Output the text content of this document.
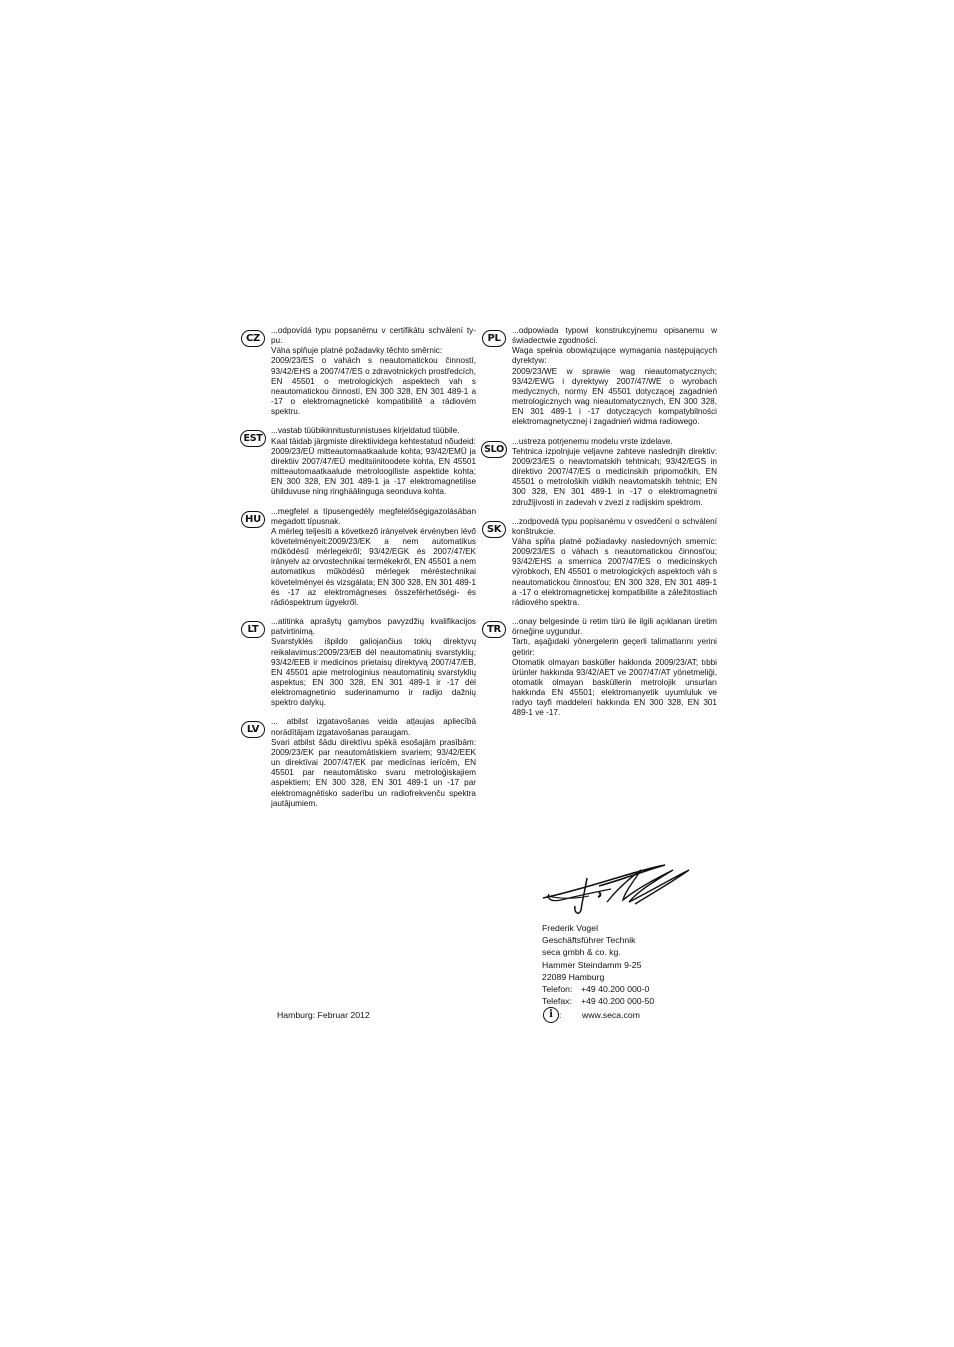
CZ

...odpovídá typu popsanému v certifikátu schválení ty-pu.

Váha splňuje platné požadavky těchto směrnic:

2009/23/ES o vahách s neautomatickou činností, 93/42/EHS a 2007/47/ES o zdravotnických prostředcích, EN 45501 o metrologických aspektech vah s neautomatickou činností, EN 300 328, EN 301 489-1 a -17 o elektromagnetické kompatibilitě a rádiovém spektru.

EST

...vastab tüübikinnitustunnistuses kirjeldatud tüübile.

Kaal täidab järgmiste direktiividega kehtestatud nõudeid:

2009/23/EÜ mitteautomaatkaalude kohta; 93/42/EMÜ ja direktiiv 2007/47/EÜ meditsiinitoodete kohta, EN 45501 mitteautomaatkaalude metroloogiliste aspektide kohta; EN 300 328, EN 301 489-1 ja -17 elektromagnetilise ühilduvuse ning ringhäälinguga seonduva kohta.

HU

...megfelel a típusengedély megfelelőségigazolásában megadott típusnak.

A mérleg teljesíti a következő irányelvek érvényben lévő követelményeit:2009/23/EK a nem automatikus működésű mérlegekről; 93/42/EGK és 2007/47/EK irányelv az orvostechnikai termékekről, EN 45501 a nem automatikus működésű mérlegek méréstechnikai követelményei és vizsgálata; EN 300 328, EN 301 489-1 és -17 az elektromágneses összeférhetőségi- és rádióspektrum ügyekről.

LT

...atitinka aprašytų gamybos pavyzdžių kvalifikacijos patvirtinimą.

Svarstyklės išpildo galiojančius tokių direktyvų reikalavimus:2009/23/EB dėl neautomatinių svarstyklių; 93/42/EEB ir medicinos prietaisų direktyvą 2007/47/EB, EN 45501 apie metrologinius neautomatinių svarstyklių aspektus; EN 300 328, EN 301 489-1 ir -17 dėl elektromagnetinio suderinamumo ir radijo dažnių spektro dalykų.

LV

... atbilst izgatavošanas veida atļaujas apliecībā norādītājam izgatavošanas paraugam.

Svari atbilst šādu direktīvu spēkā esošajām prasībām: 2009/23/EK par neautomātiskiem svariem; 93/42/EEK un direktīvai 2007/47/EK par medicīnas ierīcēm, EN 45501 par neautomātisko svaru metroloģiskajiem aspektiem; EN 300 328, EN 301 489-1 un -17 par elektromagnētisko saderību un radiofrekvenču spektra jautājumiem.

PL

...odpowiada typowi konstrukcyjnemu opisanemu w świadectwie zgodności.

Waga spełnia obowiązujące wymagania następujących dyrektyw:

2009/23/WE w sprawie wag nieautomatycznych; 93/42/EWG i dyrektywy 2007/47/WE o wyrobach medycznych, normy EN 45501 dotyczącej zagadnień metrologicznych wag nieautomatycznych, EN 300 328, EN 301 489-1 i -17 dotyczących kompatybilności elektromagnetycznej i zagadnień widma radiowego.

SLO

...ustreza potrjenemu modelu vrste izdelave.

Tehtnica izpolnjuje veljavne zahteve naslednjih direktiv: 2009/23/ES o neavtomatskih tehtnicah; 93/42/EGS in direktivo 2007/47/ES o medicinskih pripomočkih, EN 45501 o metroloških vidikih neavtomatskih tehtnic; EN 300 328, EN 301 489-1 in -17 o elektromagnetni združljivosti in zadevah v zvezi z radijskim spektrom.

SK

...zodpovedá typu popísanému v osvedčení o schválení konštrukcie.

Váha spĺňa platné požiadavky nasledovných smerníc: 2009/23/ES o váhach s neautomatickou činnosťou; 93/42/EHS a smernica 2007/47/ES o medicínskych výrobkoch, EN 45501 o metrologických aspektoch váh s neautomatickou činnosťou; EN 300 328, EN 301 489-1 a -17 o elektromagnetickej kompatibilite a záležitostiach rádiového spektra.

TR

...onay belgesinde ü retim türü ile ilgili açıklanan üretim örneğine uygundur.

Tartı, aşağıdaki yönergelerin geçerli talimatlarını yerini getirir:

Otomatik olmayan basküller hakkında 2009/23/AT; tıbbi ürünler hakkında 93/42/AET ve 2007/47/AT yönetmeliği, otomatik olmayan basküllerin metrolojik unsurları hakkında EN 45501; elektromanyetik uyumluluk ve radyo tayfi maddeleri hakkında EN 300 328, EN 301 489-1 ve -17.

Frederik Vogel
Geschäftsführer Technik
seca gmbh & co. kg.
Hammer Steindamm 9-25
22089 Hamburg
Telefon: +49 40.200 000-0
Telefax:	+49 40.200 000-50
i :	www.seca.com
Hamburg: Februar 2012
